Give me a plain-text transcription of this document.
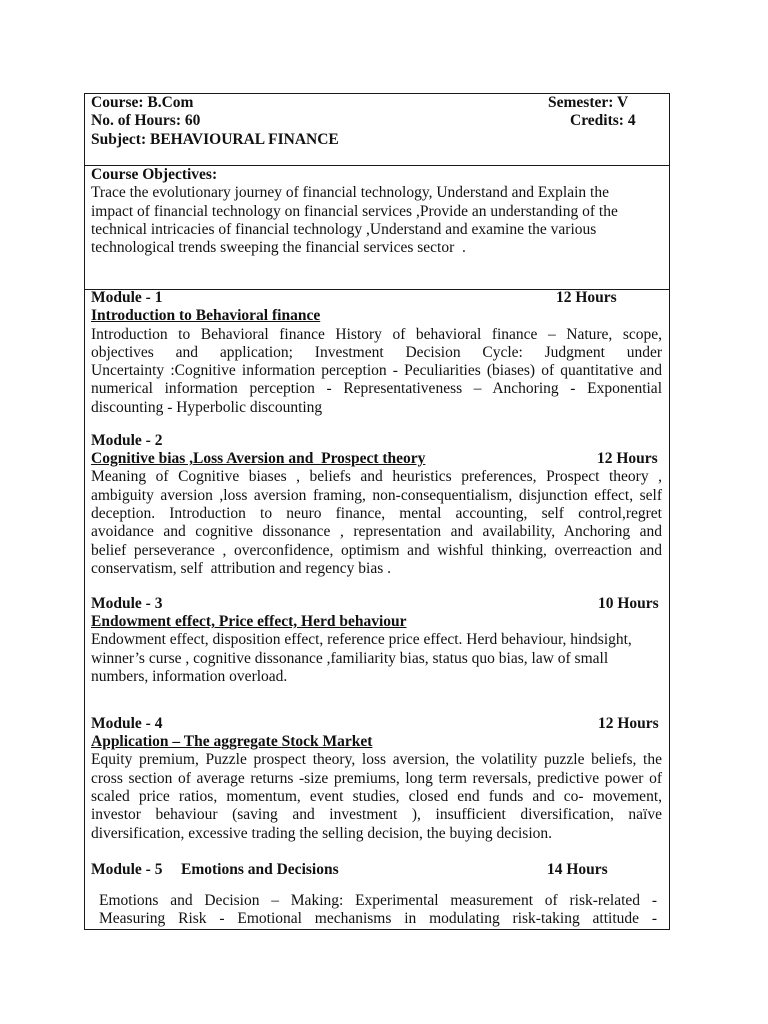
Course: B.Com
No. of Hours: 60
Subject: BEHAVIOURAL FINANCE
Semester: V
Credits: 4
Course Objectives:
Trace the evolutionary journey of financial technology, Understand and Explain the
impact of financial technology on financial services ,Provide an understanding of the
technical intricacies of financial technology ,Understand and examine the various
technological trends sweeping the financial services sector  .
Module - 1	12 Hours
Introduction to Behavioral finance
Introduction to Behavioral finance History of behavioral finance – Nature, scope,
objectives and application; Investment Decision Cycle: Judgment under
Uncertainty :Cognitive information perception - Peculiarities (biases) of quantitative and
numerical information perception - Representativeness – Anchoring - Exponential
discounting - Hyperbolic discounting
Module - 2
Cognitive bias ,Loss Aversion and  Prospect theory	12 Hours
Meaning of Cognitive biases , beliefs and heuristics preferences, Prospect theory ,
ambiguity aversion ,loss aversion framing, non-consequentialism, disjunction effect, self
deception. Introduction to neuro finance, mental accounting, self control,regret
avoidance and cognitive dissonance , representation and availability, Anchoring and
belief perseverance , overconfidence, optimism and wishful thinking, overreaction and
conservatism, self  attribution and regency bias .
Module - 3	10 Hours
Endowment effect, Price effect, Herd behaviour
Endowment effect, disposition effect, reference price effect. Herd behaviour, hindsight,
winner’s curse , cognitive dissonance ,familiarity bias, status quo bias, law of small
numbers, information overload.
Module - 4	12 Hours
Application – The aggregate Stock Market
Equity premium, Puzzle prospect theory, loss aversion, the volatility puzzle beliefs, the
cross section of average returns -size premiums, long term reversals, predictive power of
scaled price ratios, momentum, event studies, closed end funds and co- movement,
investor behaviour (saving and investment ), insufficient diversification, naïve
diversification, excessive trading the selling decision, the buying decision.
Module - 5	Emotions and Decisions	14 Hours
Emotions and Decision – Making: Experimental measurement of risk-related -
Measuring Risk - Emotional mechanisms in modulating risk-taking attitude -
